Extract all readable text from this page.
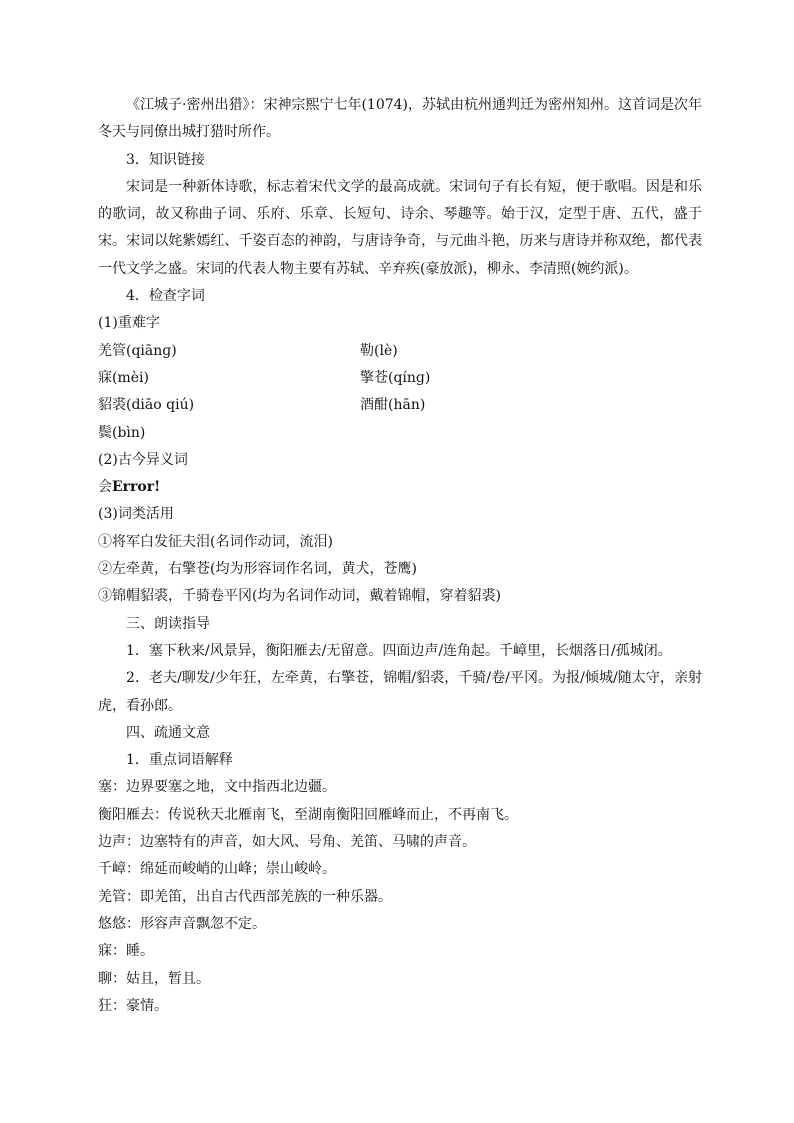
《江城子·密州出猎》：宋神宗熙宁七年(1074)，苏轼由杭州通判迁为密州知州。这首词是次年冬天与同僚出城打猎时所作。

3．知识链接

宋词是一种新体诗歌，标志着宋代文学的最高成就。宋词句子有长有短，便于歌唱。因是和乐的歌词，故又称曲子词、乐府、乐章、长短句、诗余、琴趣等。始于汉，定型于唐、五代，盛于宋。宋词以姹紫嫣红、千姿百态的神韵，与唐诗争奇，与元曲斗艳，历来与唐诗并称双绝，都代表一代文学之盛。宋词的代表人物主要有苏轼、辛弃疾(豪放派)，柳永、李清照(婉约派)。

4．检查字词

(1)重难字

羌管(qiānɡ)	勒(lè)
寐(mèi)	擎苍(qínɡ)
貂裘(diāo qiú)	酒酣(hān)

鬓(bìn)

(2)古今异义词

会Error!

(3)词类活用

①将军白发征夫泪(名词作动词，流泪)

②左牵黄，右擎苍(均为形容词作名词，黄犬，苍鹰)

③锦帽貂裘，千骑卷平冈(均为名词作动词，戴着锦帽，穿着貂裘)

三、朗读指导

1．塞下秋来/风景异，衡阳雁去/无留意。四面边声/连角起。千嶂里，长烟落日/孤城闭。

2．老夫/聊发/少年狂，左牵黄，右擎苍，锦帽/貂裘，千骑/卷/平冈。为报/倾城/随太守，亲射虎，看孙郎。

四、疏通文意

1．重点词语解释

塞：边界要塞之地，文中指西北边疆。

衡阳雁去：传说秋天北雁南飞，至湖南衡阳回雁峰而止，不再南飞。

边声：边塞特有的声音，如大风、号角、羌笛、马啸的声音。

千嶂：绵延而峻峭的山峰；崇山峻岭。

羌管：即羌笛，出自古代西部羌族的一种乐器。

悠悠：形容声音飘忽不定。

寐：睡。

聊：姑且，暂且。

狂：豪情。
